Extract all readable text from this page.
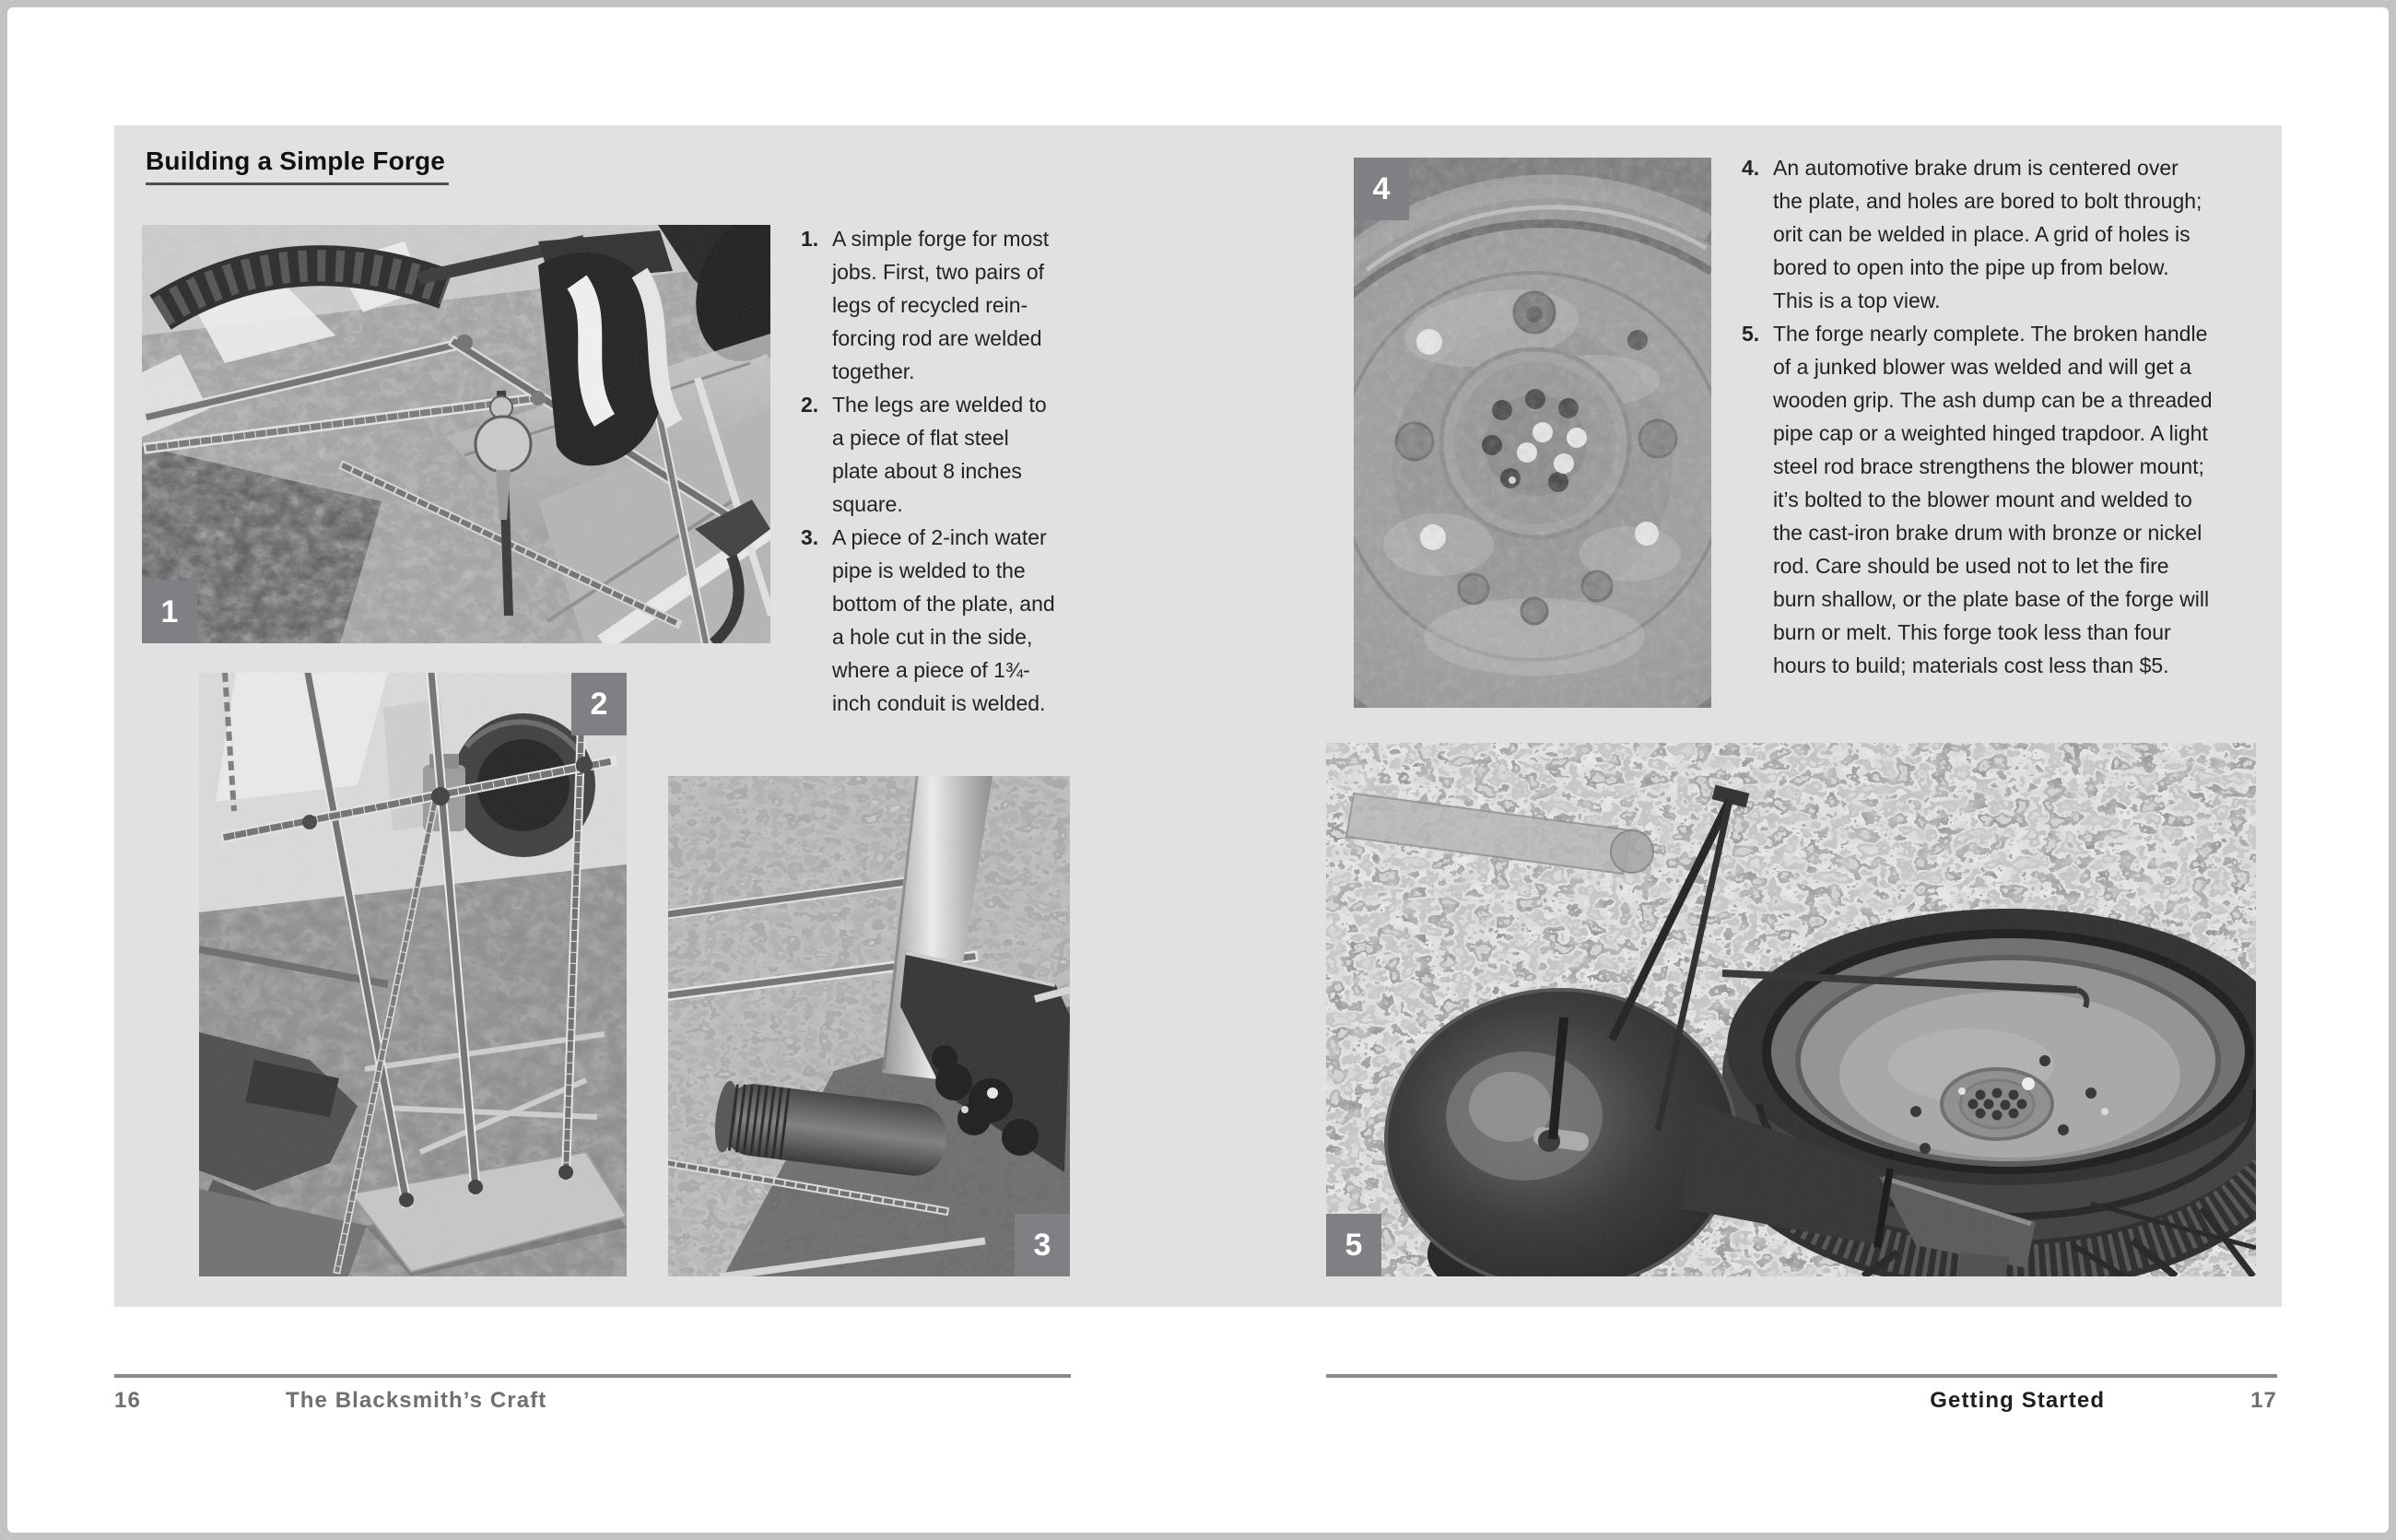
Building a Simple Forge
1
2
3
4
5
1. A simple forge for most jobs. First, two pairs of legs of recycled rein-forcing rod are welded together.
2. The legs are welded to a piece of flat steel plate about 8 inches square.
3. A piece of 2-inch water pipe is welded to the bottom of the plate, and a hole cut in the side, where a piece of 1¾-inch conduit is welded.
4. An automotive brake drum is centered over the plate, and holes are bored to bolt through; orit can be welded in place. A grid of holes is bored to open into the pipe up from below. This is a top view.
5. The forge nearly complete. The broken handle of a junked blower was welded and will get a wooden grip. The ash dump can be a threaded pipe cap or a weighted hinged trapdoor. A light steel rod brace strengthens the blower mount; it’s bolted to the blower mount and welded to the cast-iron brake drum with bronze or nickel rod. Care should be used not to let the fire burn shallow, or the plate base of the forge will burn or melt. This forge took less than four hours to build; materials cost less than $5.
16	The Blacksmith’s Craft	Getting Started	17
